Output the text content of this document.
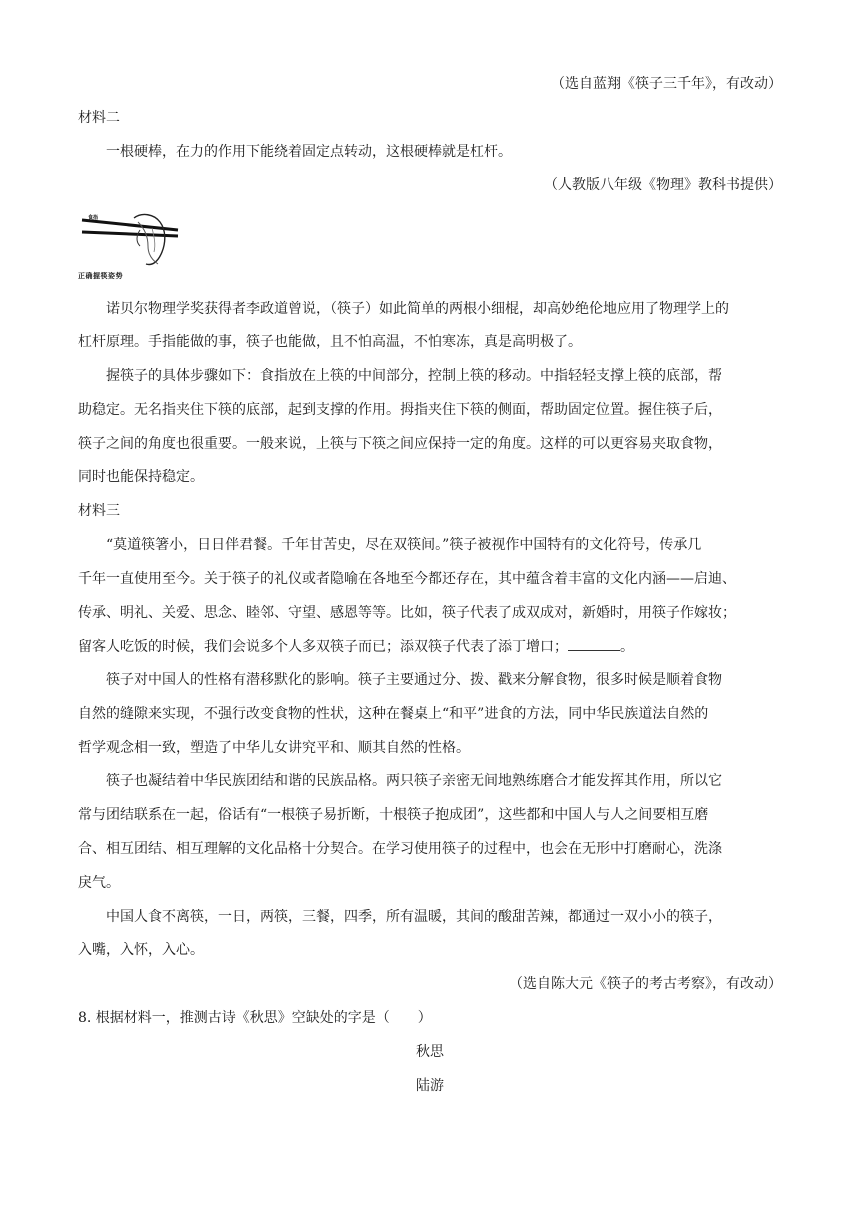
（选自蓝翔《筷子三千年》，有改动）
材料二
一根硬棒，在力的作用下能绕着固定点转动，这根硬棒就是杠杆。
（人教版八年级《物理》教科书提供）
食指
正确握筷姿势
诺贝尔物理学奖获得者李政道曾说，（筷子）如此简单的两根小细棍，却高妙绝伦地应用了物理学上的
杠杆原理。手指能做的事，筷子也能做，且不怕高温，不怕寒冻，真是高明极了。
握筷子的具体步骤如下：食指放在上筷的中间部分，控制上筷的移动。中指轻轻支撑上筷的底部，帮
助稳定。无名指夹住下筷的底部，起到支撑的作用。拇指夹住下筷的侧面，帮助固定位置。握住筷子后，
筷子之间的角度也很重要。一般来说，上筷与下筷之间应保持一定的角度。这样的可以更容易夹取食物，
同时也能保持稳定。
材料三
“莫道筷箸小，日日伴君餐。千年甘苦史，尽在双筷间。”筷子被视作中国特有的文化符号，传承几
千年一直使用至今。关于筷子的礼仪或者隐喻在各地至今都还存在，其中蕴含着丰富的文化内涵——启迪、
传承、明礼、关爱、思念、睦邻、守望、感恩等等。比如，筷子代表了成双成对，新婚时，用筷子作嫁妆；
留客人吃饭的时候，我们会说多个人多双筷子而已；添双筷子代表了添丁增口；	。
筷子对中国人的性格有潜移默化的影响。筷子主要通过分、拨、戳来分解食物，很多时候是顺着食物
自然的缝隙来实现，不强行改变食物的性状，这种在餐桌上“和平”进食的方法，同中华民族道法自然的
哲学观念相一致，塑造了中华儿女讲究平和、顺其自然的性格。
筷子也凝结着中华民族团结和谐的民族品格。两只筷子亲密无间地熟练磨合才能发挥其作用，所以它
常与团结联系在一起，俗话有“一根筷子易折断，十根筷子抱成团”，这些都和中国人与人之间要相互磨
合、相互团结、相互理解的文化品格十分契合。在学习使用筷子的过程中，也会在无形中打磨耐心，洗涤
戾气。
中国人食不离筷，一日，两筷，三餐，四季，所有温暖，其间的酸甜苦辣，都通过一双小小的筷子，
入嘴，入怀，入心。
（选自陈大元《筷子的考古考察》，有改动）
8. 根据材料一，推测古诗《秋思》空缺处的字是（　　）
秋思
陆游
